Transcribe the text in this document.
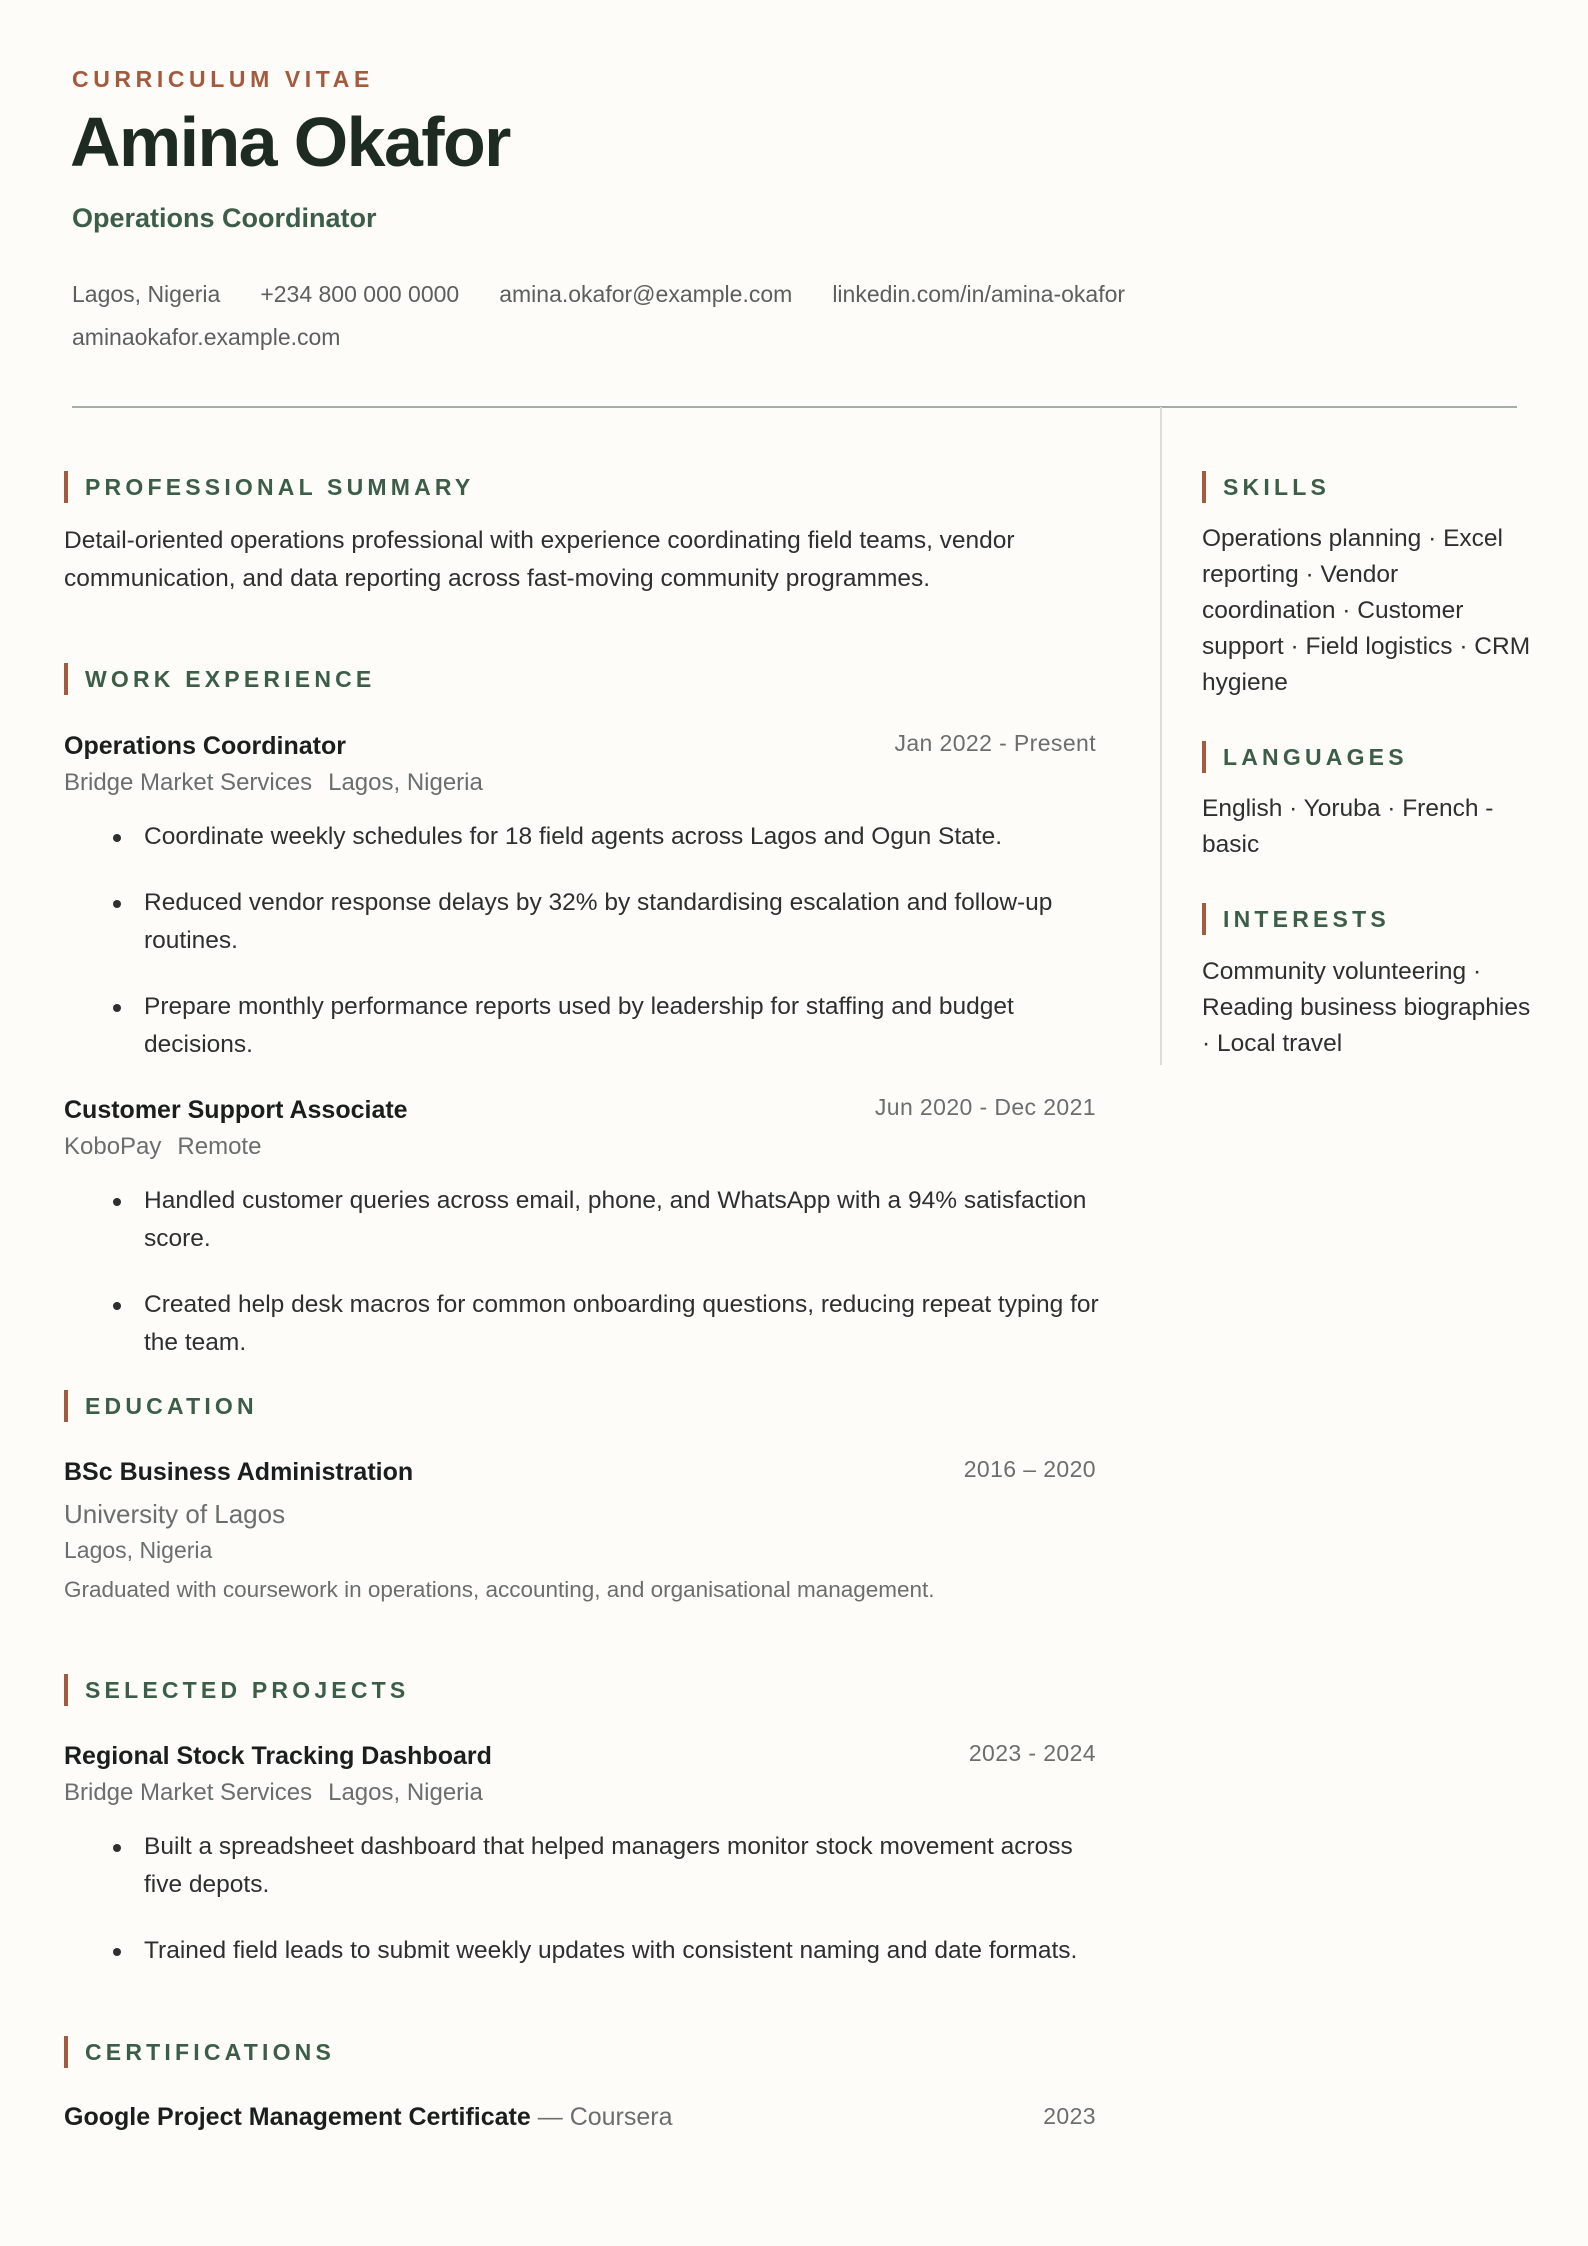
CURRICULUM VITAE
Amina Okafor
Operations Coordinator
Lagos, Nigeria +234 800 000 0000 amina.okafor@example.com linkedin.com/in/amina-okafor
aminaokafor.example.com
PROFESSIONAL SUMMARY
Detail-oriented operations professional with experience coordinating field teams, vendor communication, and data reporting across fast-moving community programmes.
WORK EXPERIENCE
Operations Coordinator	Jan 2022 - Present
Bridge Market Services Lagos, Nigeria
Coordinate weekly schedules for 18 field agents across Lagos and Ogun State.
Reduced vendor response delays by 32% by standardising escalation and follow-up routines.
Prepare monthly performance reports used by leadership for staffing and budget decisions.
Customer Support Associate	Jun 2020 - Dec 2021
KoboPay Remote
Handled customer queries across email, phone, and WhatsApp with a 94% satisfaction score.
Created help desk macros for common onboarding questions, reducing repeat typing for the team.
EDUCATION
BSc Business Administration	2016 – 2020
University of Lagos
Lagos, Nigeria
Graduated with coursework in operations, accounting, and organisational management.
SELECTED PROJECTS
Regional Stock Tracking Dashboard	2023 - 2024
Bridge Market Services Lagos, Nigeria
Built a spreadsheet dashboard that helped managers monitor stock movement across five depots.
Trained field leads to submit weekly updates with consistent naming and date formats.
CERTIFICATIONS
Google Project Management Certificate — Coursera	2023
SKILLS
Operations planning · Excel reporting · Vendor coordination · Customer support · Field logistics · CRM hygiene
LANGUAGES
English · Yoruba · French - basic
INTERESTS
Community volunteering · Reading business biographies · Local travel
